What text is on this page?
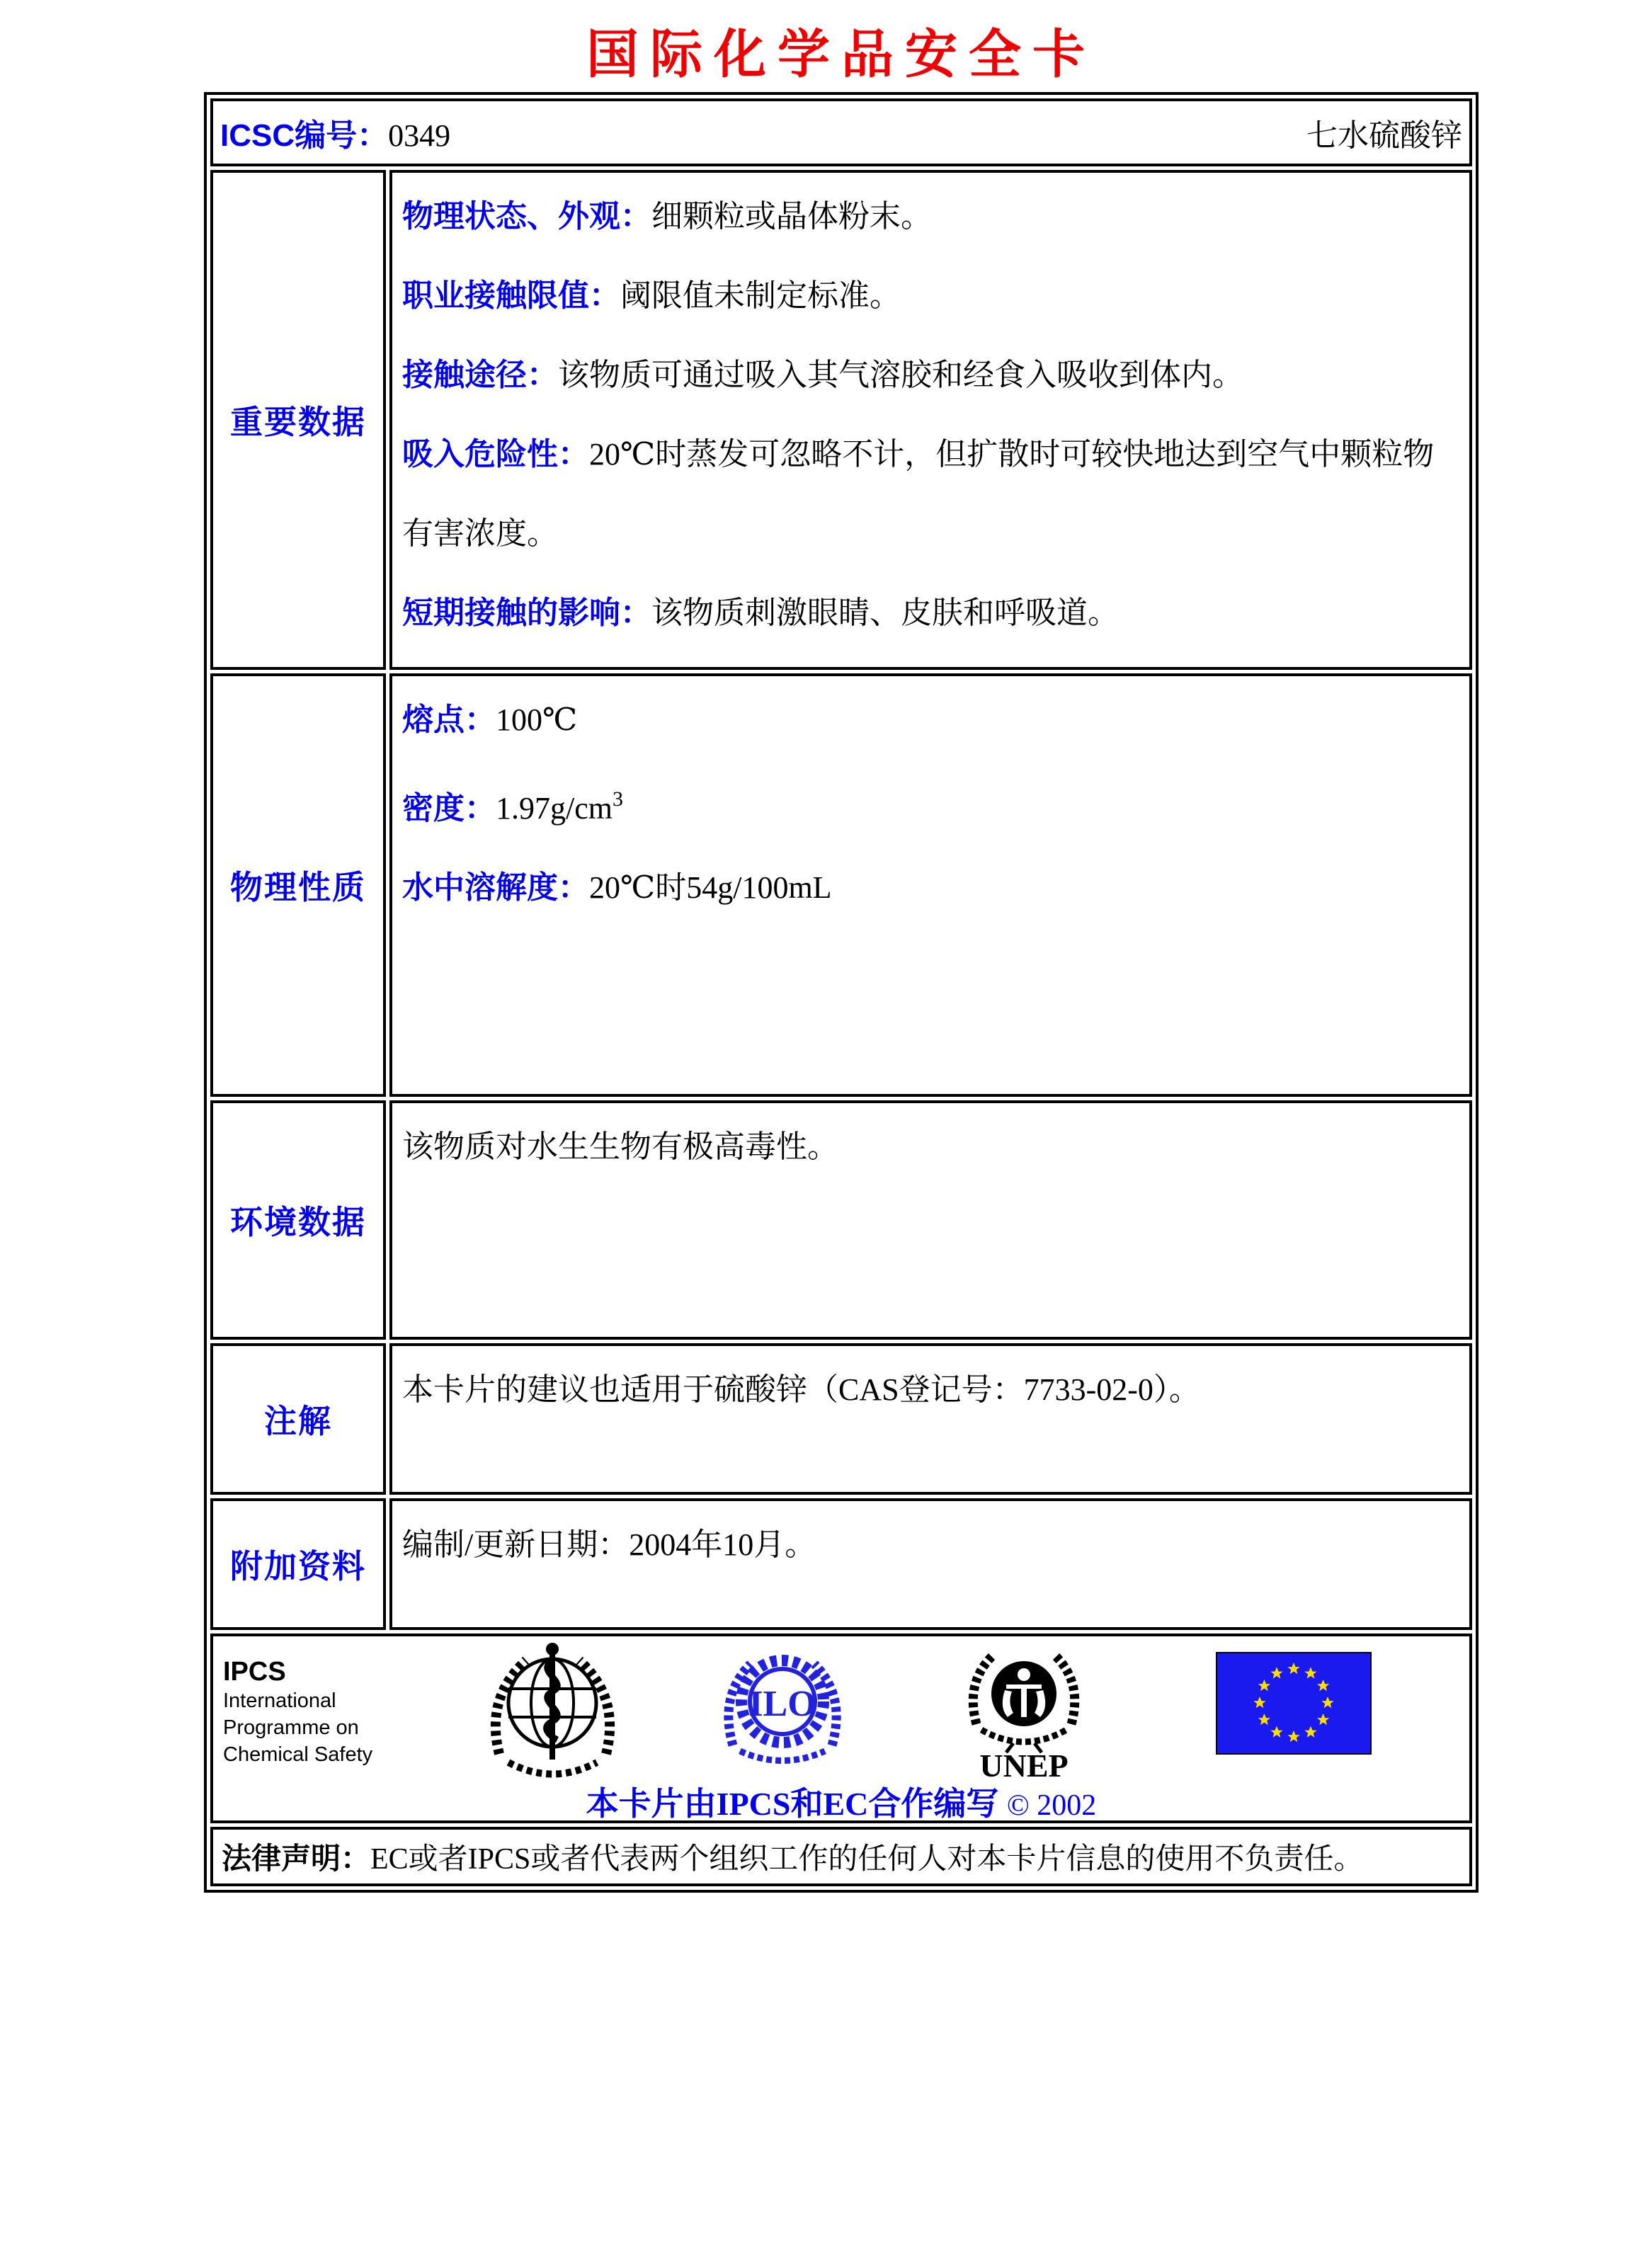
国际化学品安全卡
ICSC编号：0349 七水硫酸锌	

重要数据	物理状态、外观：细颗粒或晶体粉末。

职业接触限值：阈限值未制定标准。

接触途径：该物质可通过吸入其气溶胶和经食入吸收到体内。

吸入危险性：20℃时蒸发可忽略不计，但扩散时可较快地达到空气中颗粒物有害浓度。

短期接触的影响：该物质刺激眼睛、皮肤和呼吸道。

物理性质	熔点：100℃

密度：$1.97g/cm^3$

水中溶解度：20℃时54g/100mL

环境数据	该物质对水生生物有极高毒性。

注解	本卡片的建议也适用于硫酸锌（CAS登记号：7733-02-0）。

附加资料	编制/更新日期：2004年10月。

IPCS
International
Programme on
Chemical Safety
ILO
UNEP
本卡片由IPCS和EC合作编写 © 2002

法律声明：EC或者IPCS或者代表两个组织工作的任何人对本卡片信息的使用不负责任。	
